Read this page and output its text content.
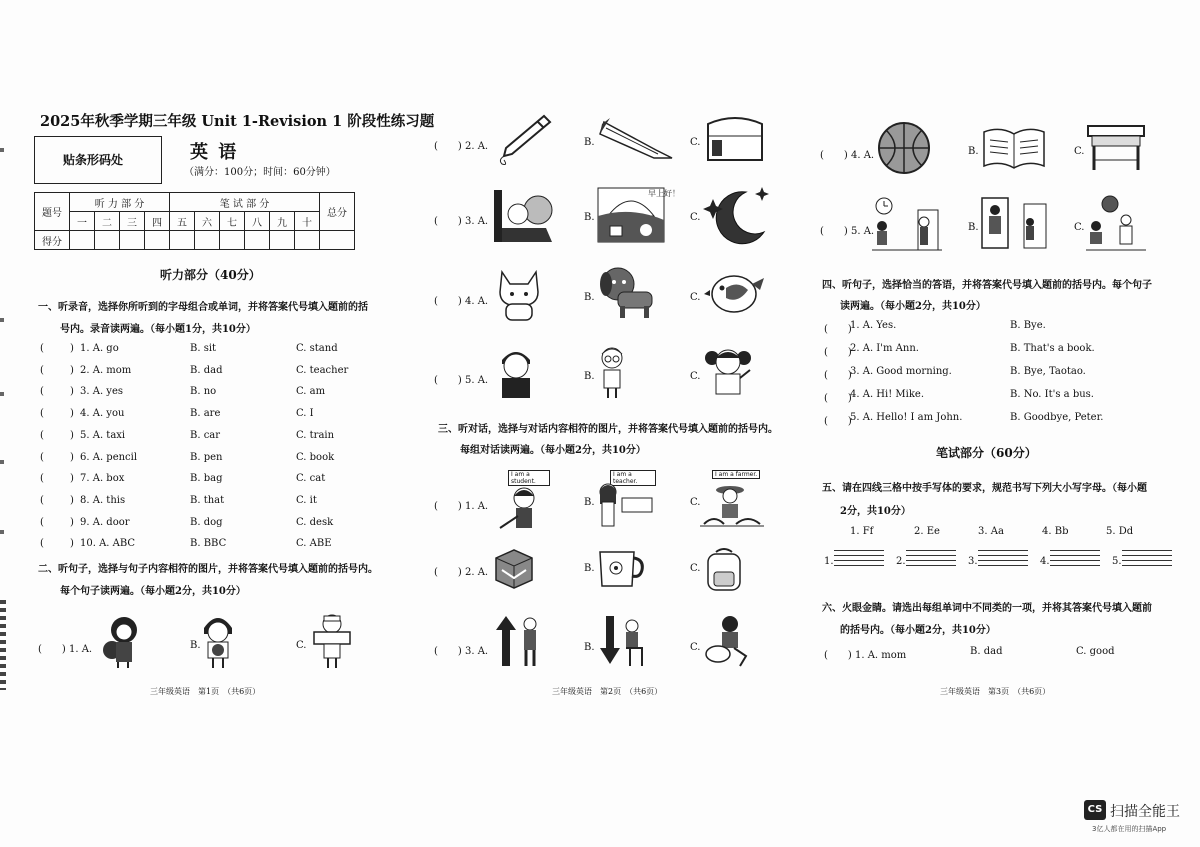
2025年秋季学期三年级 Unit 1-Revision 1 阶段性练习题
贴条形码处	英 语
（满分：100分；时间：60分钟）
题号	听 力 部 分				笔 试 部 分						总分
	一	二	三	四	五	六	七	八	九	十	
得分											
听力部分（40分）
一、听录音，选择你所听到的字母组合或单词，并将答案代号填入题前的括
号内。录音读两遍。（每小题1分，共10分）
(	) 1. A. go	B. sit	C. stand
(	) 2. A. mom	B. dad	C. teacher
(	) 3. A. yes	B. no	C. am
(	) 4. A. you	B. are	C. I
(	) 5. A. taxi	B. car	C. train
(	) 6. A. pencil	B. pen	C. book
(	) 7. A. box	B. bag	C. cat
(	) 8. A. this	B. that	C. it
(	) 9. A. door	B. dog	C. desk
(	) 10. A. ABC	B. BBC	C. ABE
二、听句子，选择与句子内容相符的图片，并将答案代号填入题前的括号内。
每个句子读两遍。（每小题2分，共10分）
(　　) 1. A.	B.	C.
三年级英语　第1页　（共6页）
(　　) 2. A.	B.	C.
(　　) 3. A.	B.
早上好！
C.
(　　) 4. A.	B.	C.
(　　) 5. A.	B.	C.
三、听对话，选择与对话内容相符的图片，并将答案代号填入题前的括号内。
每组对话读两遍。（每小题2分，共10分）
(　　) 1. A.
I am a student.
B.
I am a teacher.
C.
I am a farmer.
(　　) 2. A.	B.	C.
(　　) 3. A.	B.	C.
三年级英语　第2页　（共6页）
(　　) 4. A.	B.	C.
(　　) 5. A.	B.	C.
四、听句子，选择恰当的答语，并将答案代号填入题前的括号内。每个句子
读两遍。（每小题2分，共10分）
(　　)
1. A. Yes.	B. Bye.
(　　)
2. A. I'm Ann.	B. That's a book.
(　　)
3. A. Good morning.	B. Bye, Taotao.
(　　)
4. A. Hi! Mike.	B. No. It's a bus.
(　　)
5. A. Hello! I am John.	B. Goodbye, Peter.
笔试部分（60分）
五、请在四线三格中按手写体的要求，规范书写下列大小写字母。（每小题
2分，共10分）
1. Ff	2. Ee	3. Aa	4. Bb	5. Dd
1.	2.	3.	4.	5.
六、火眼金睛。请选出每组单词中不同类的一项，并将其答案代号填入题前
的括号内。（每小题2分，共10分）
(　　) 1. A. mom	B. dad	C. good
三年级英语　第3页　（共6页）
CS 扫描全能王
3亿人都在用的扫描App
